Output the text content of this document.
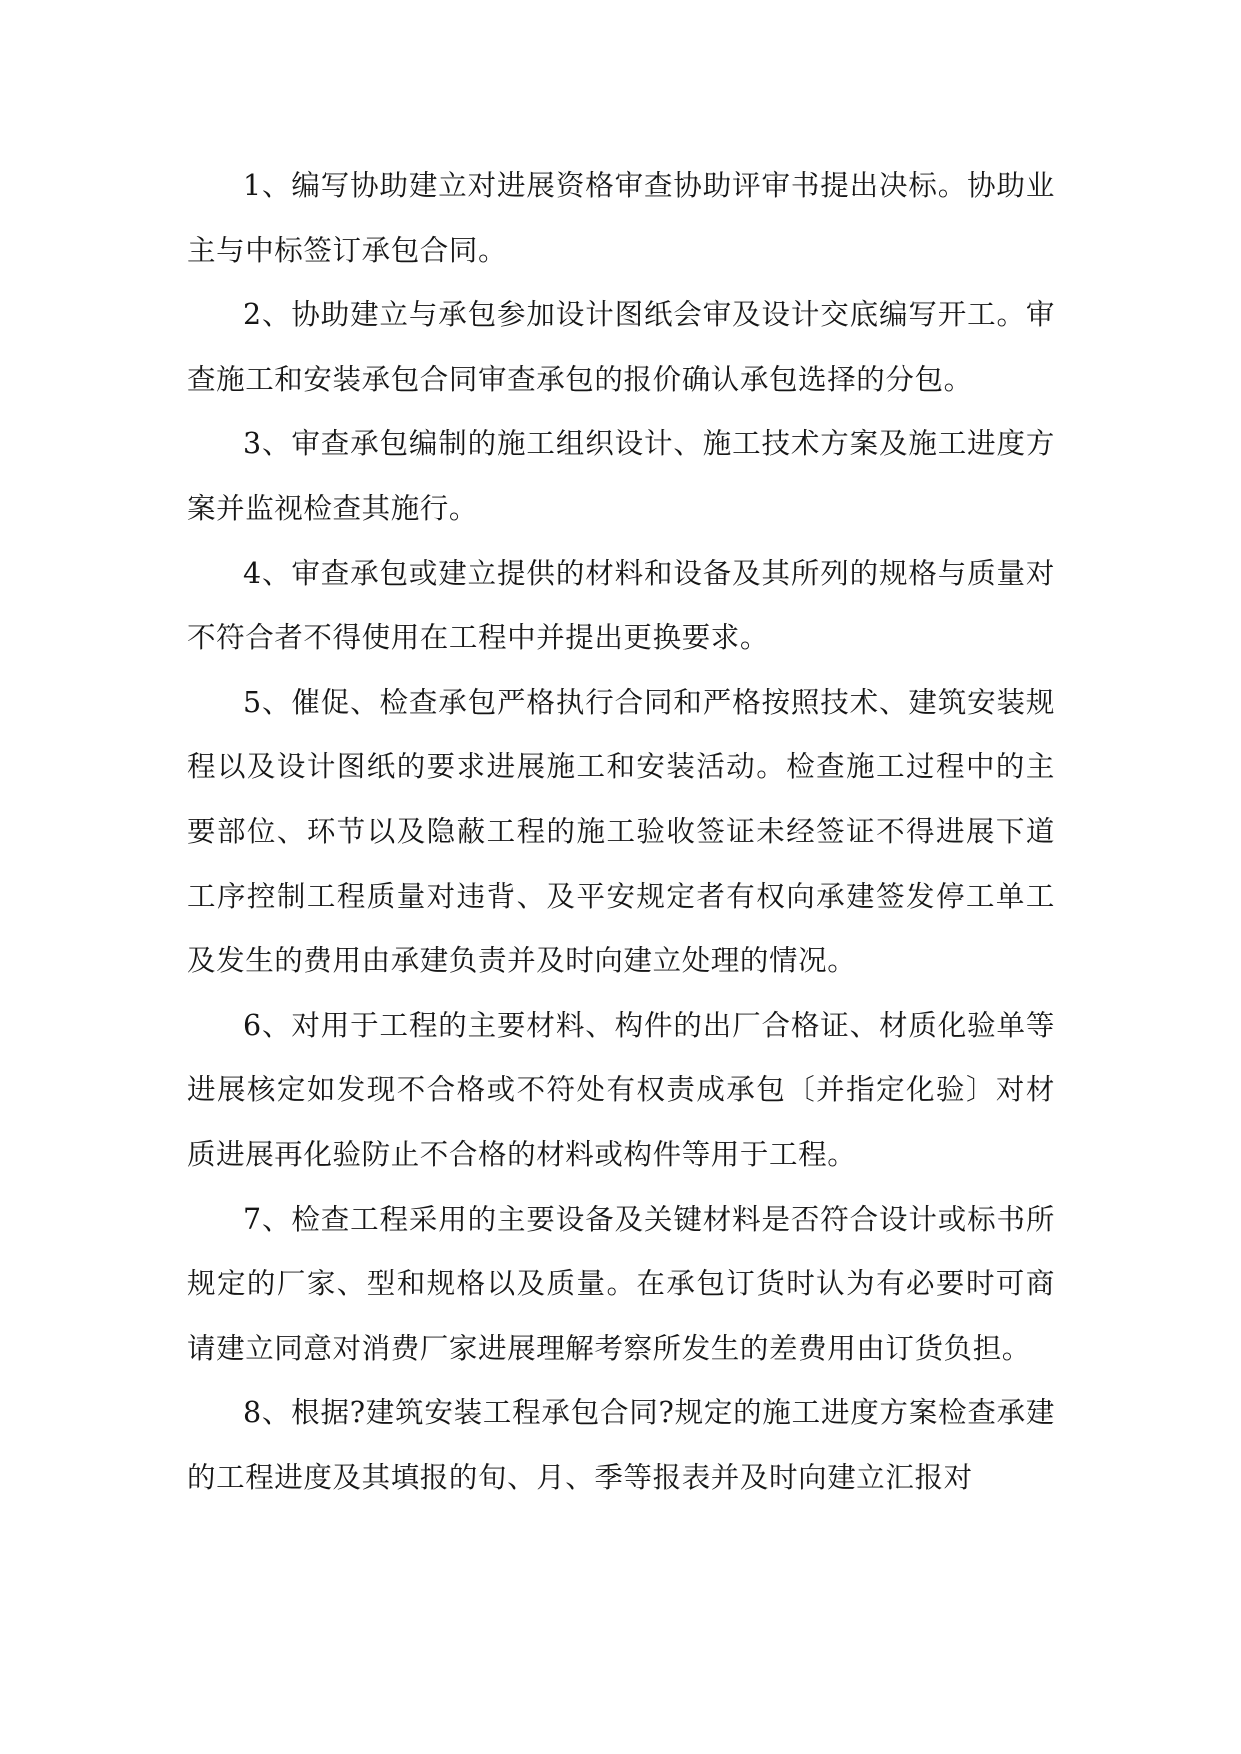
1、编写协助建立对进展资格审查协助评审书提出决标。协助业主与中标签订承包合同。

2、协助建立与承包参加设计图纸会审及设计交底编写开工。审查施工和安装承包合同审查承包的报价确认承包选择的分包。

3、审查承包编制的施工组织设计、施工技术方案及施工进度方案并监视检查其施行。

4、审查承包或建立提供的材料和设备及其所列的规格与质量对不符合者不得使用在工程中并提出更换要求。

5、催促、检查承包严格执行合同和严格按照技术、建筑安装规程以及设计图纸的要求进展施工和安装活动。检查施工过程中的主要部位、环节以及隐蔽工程的施工验收签证未经签证不得进展下道工序控制工程质量对违背、及平安规定者有权向承建签发停工单工及发生的费用由承建负责并及时向建立处理的情况。

6、对用于工程的主要材料、构件的出厂合格证、材质化验单等进展核定如发现不合格或不符处有权责成承包〔并指定化验〕对材质进展再化验防止不合格的材料或构件等用于工程。

7、检查工程采用的主要设备及关键材料是否符合设计或标书所规定的厂家、型和规格以及质量。在承包订货时认为有必要时可商请建立同意对消费厂家进展理解考察所发生的差费用由订货负担。

8、根据?建筑安装工程承包合同?规定的施工进度方案检查承建的工程进度及其填报的旬、月、季等报表并及时向建立汇报对
